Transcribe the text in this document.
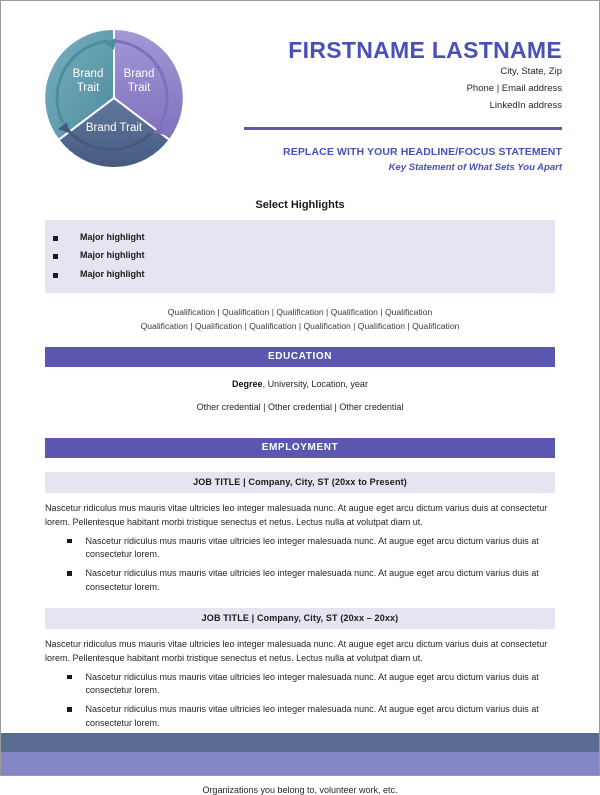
Brand
Trait
Brand
Trait
Brand Trait
FIRSTNAME LASTNAME
City, State, Zip
Phone | Email address
LinkedIn address
REPLACE WITH YOUR HEADLINE/FOCUS STATEMENT
Key Statement of What Sets You Apart
Select Highlights
Major highlight
Major highlight
Major highlight
Qualification | Qualification | Qualification | Qualification | Qualification
Qualification | Qualification | Qualification | Qualification | Qualification | Qualification
EDUCATION
Degree, University, Location, year
Other credential | Other credential | Other credential
EMPLOYMENT
JOB TITLE | Company, City, ST (20xx to Present)
Nascetur ridiculus mus mauris vitae ultricies leo integer malesuada nunc. At augue eget arcu dictum varius duis at consectetur lorem. Pellentesque habitant morbi tristique senectus et netus. Lectus nulla at volutpat diam ut.
Nascetur ridiculus mus mauris vitae ultricies leo integer malesuada nunc. At augue eget arcu dictum varius duis at consectetur lorem.
Nascetur ridiculus mus mauris vitae ultricies leo integer malesuada nunc. At augue eget arcu dictum varius duis at consectetur lorem.
JOB TITLE | Company, City, ST (20xx – 20xx)
Nascetur ridiculus mus mauris vitae ultricies leo integer malesuada nunc. At augue eget arcu dictum varius duis at consectetur lorem. Pellentesque habitant morbi tristique senectus et netus. Lectus nulla at volutpat diam ut.
Nascetur ridiculus mus mauris vitae ultricies leo integer malesuada nunc. At augue eget arcu dictum varius duis at consectetur lorem.
Nascetur ridiculus mus mauris vitae ultricies leo integer malesuada nunc. At augue eget arcu dictum varius duis at consectetur lorem.
Organizations you belong to, volunteer work, etc.
